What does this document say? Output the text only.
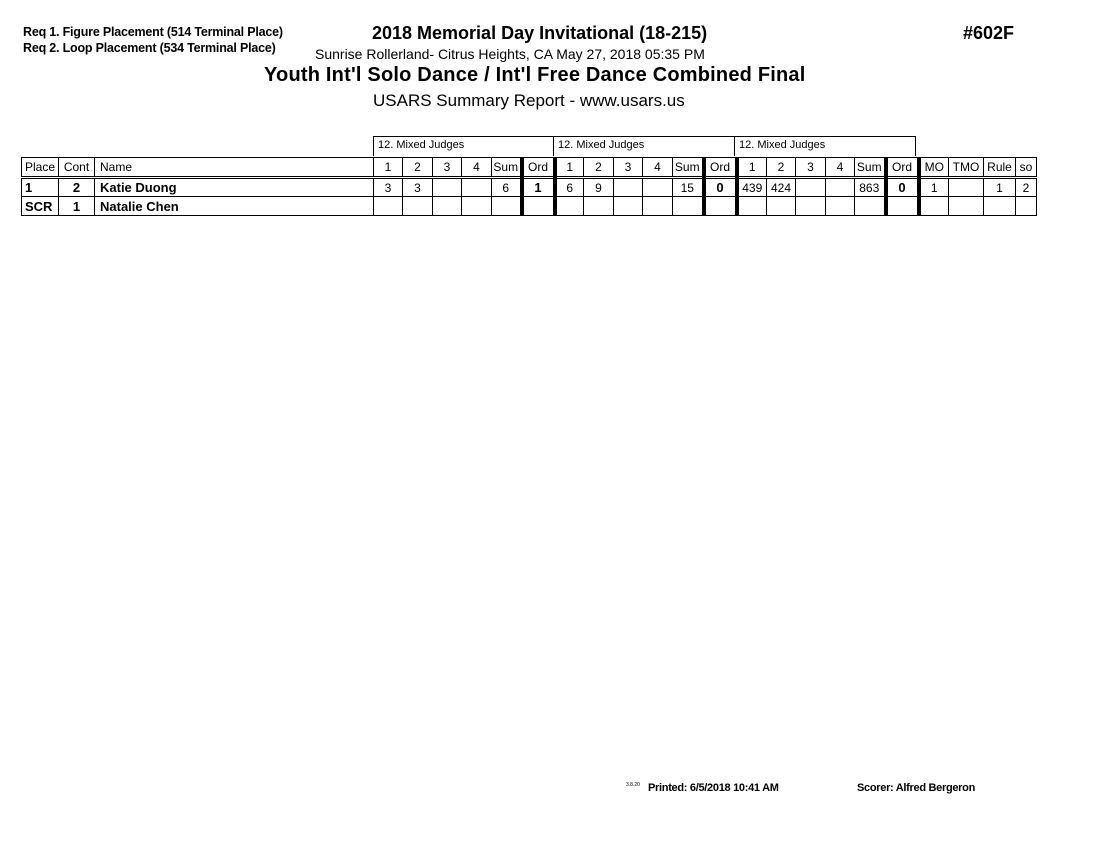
Req 1. Figure Placement (514 Terminal Place)
Req 2. Loop Placement (534 Terminal Place)
2018 Memorial Day Invitational (18-215)	#602F
Sunrise Rollerland- Citrus Heights, CA May 27, 2018 05:35 PM
Youth Int'l Solo Dance / Int'l Free Dance Combined Final
USARS Summary Report - www.usars.us
12. Mixed Judges	12. Mixed Judges	12. Mixed Judges
Place	Cont	Name	1	2	3	4	Sum	Ord	1	2	3	4	Sum	Ord	1	2	3	4	Sum	Ord	MO	TMO	Rule	so
1	2	Katie Duong	3	3			6	1	6	9			15	0	439	424			863	0	1		1	2
SCR	1	Natalie Chen																						
3.8.20 Printed: 6/5/2018 10:41 AM	Scorer: Alfred Bergeron
